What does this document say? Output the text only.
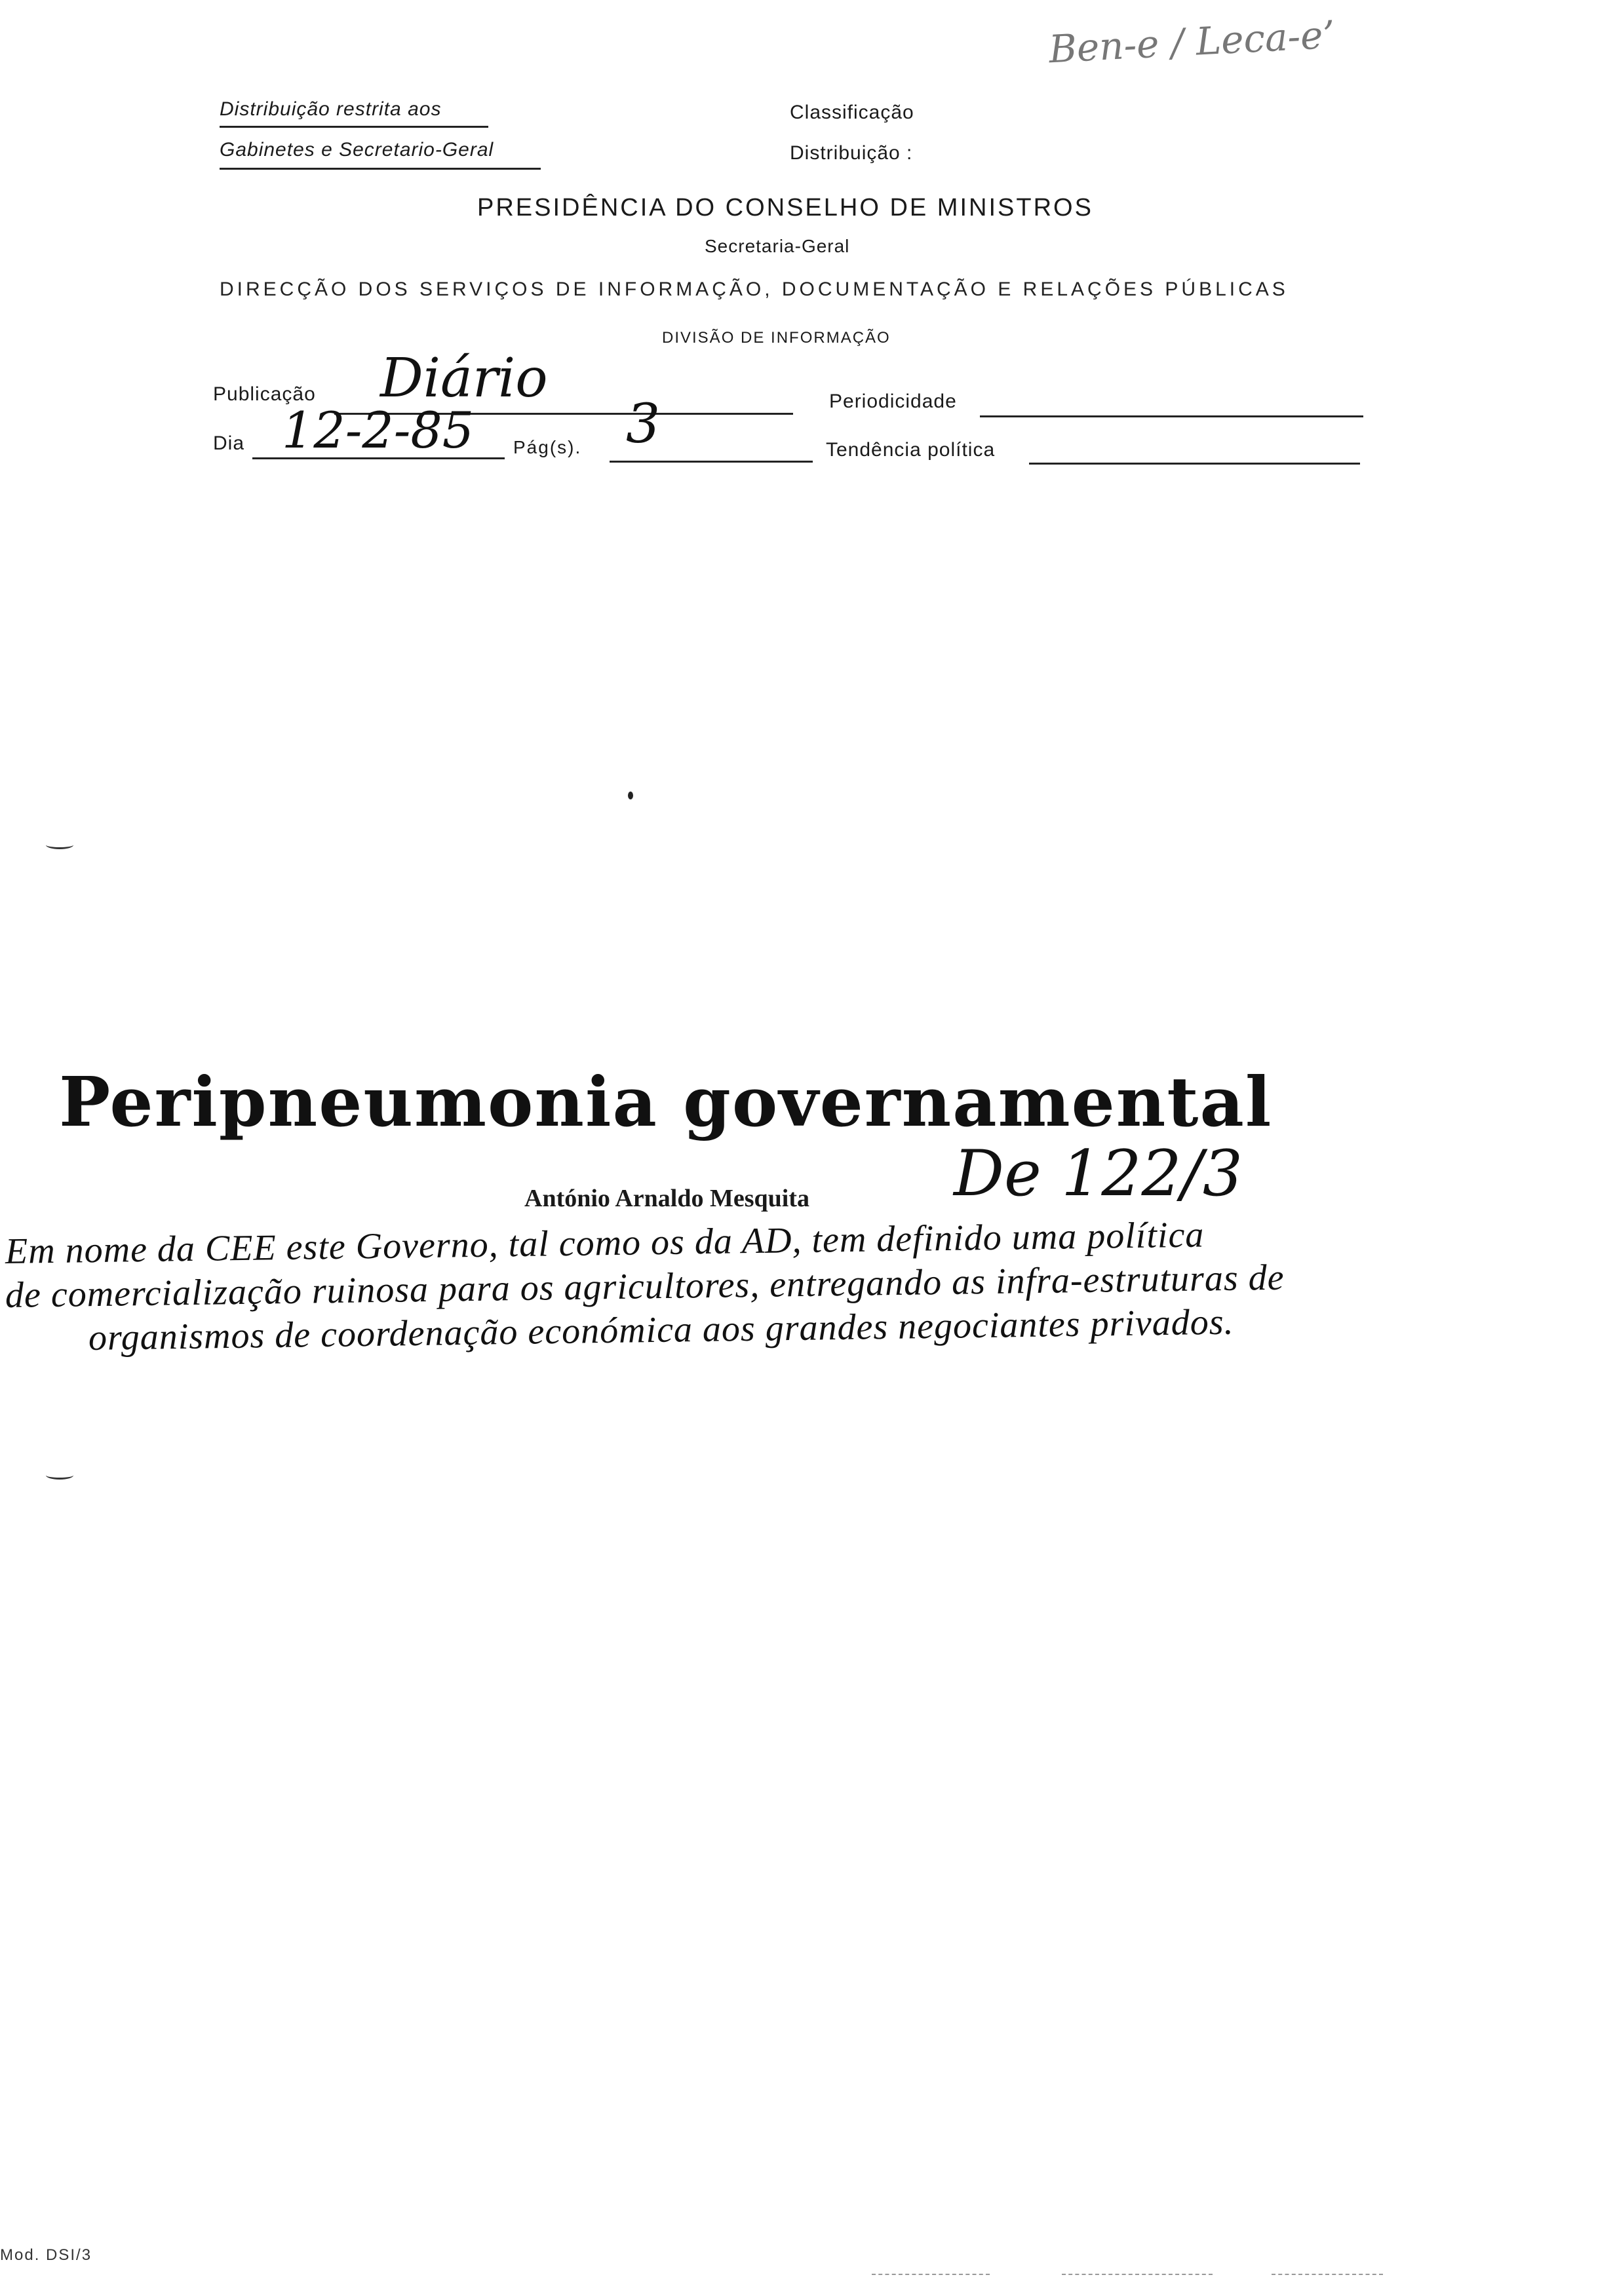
Ben-e / Leca-e’
Distribuição restrita aos
Gabinetes e Secretario-Geral
Classificação
Distribuição :
PRESIDÊNCIA DO CONSELHO DE MINISTROS
Secretaria-Geral
DIRECÇÃO DOS SERVIÇOS DE INFORMAÇÃO, DOCUMENTAÇÃO E RELAÇÕES PÚBLICAS
DIVISÃO DE INFORMAÇÃO
Publicação Diário	Periodicidade
Dia 12-2-85 Pág(s). 3	Tendência política
Peripneumonia governamental
António Arnaldo Mesquita De 122/3
Em nome da CEE este Governo, tal como os da AD, tem definido uma política
de comercialização ruinosa para os agricultores, entregando as infra-estruturas de
organismos de coordenação económica aos grandes negociantes privados.
Mod. DSI/3
